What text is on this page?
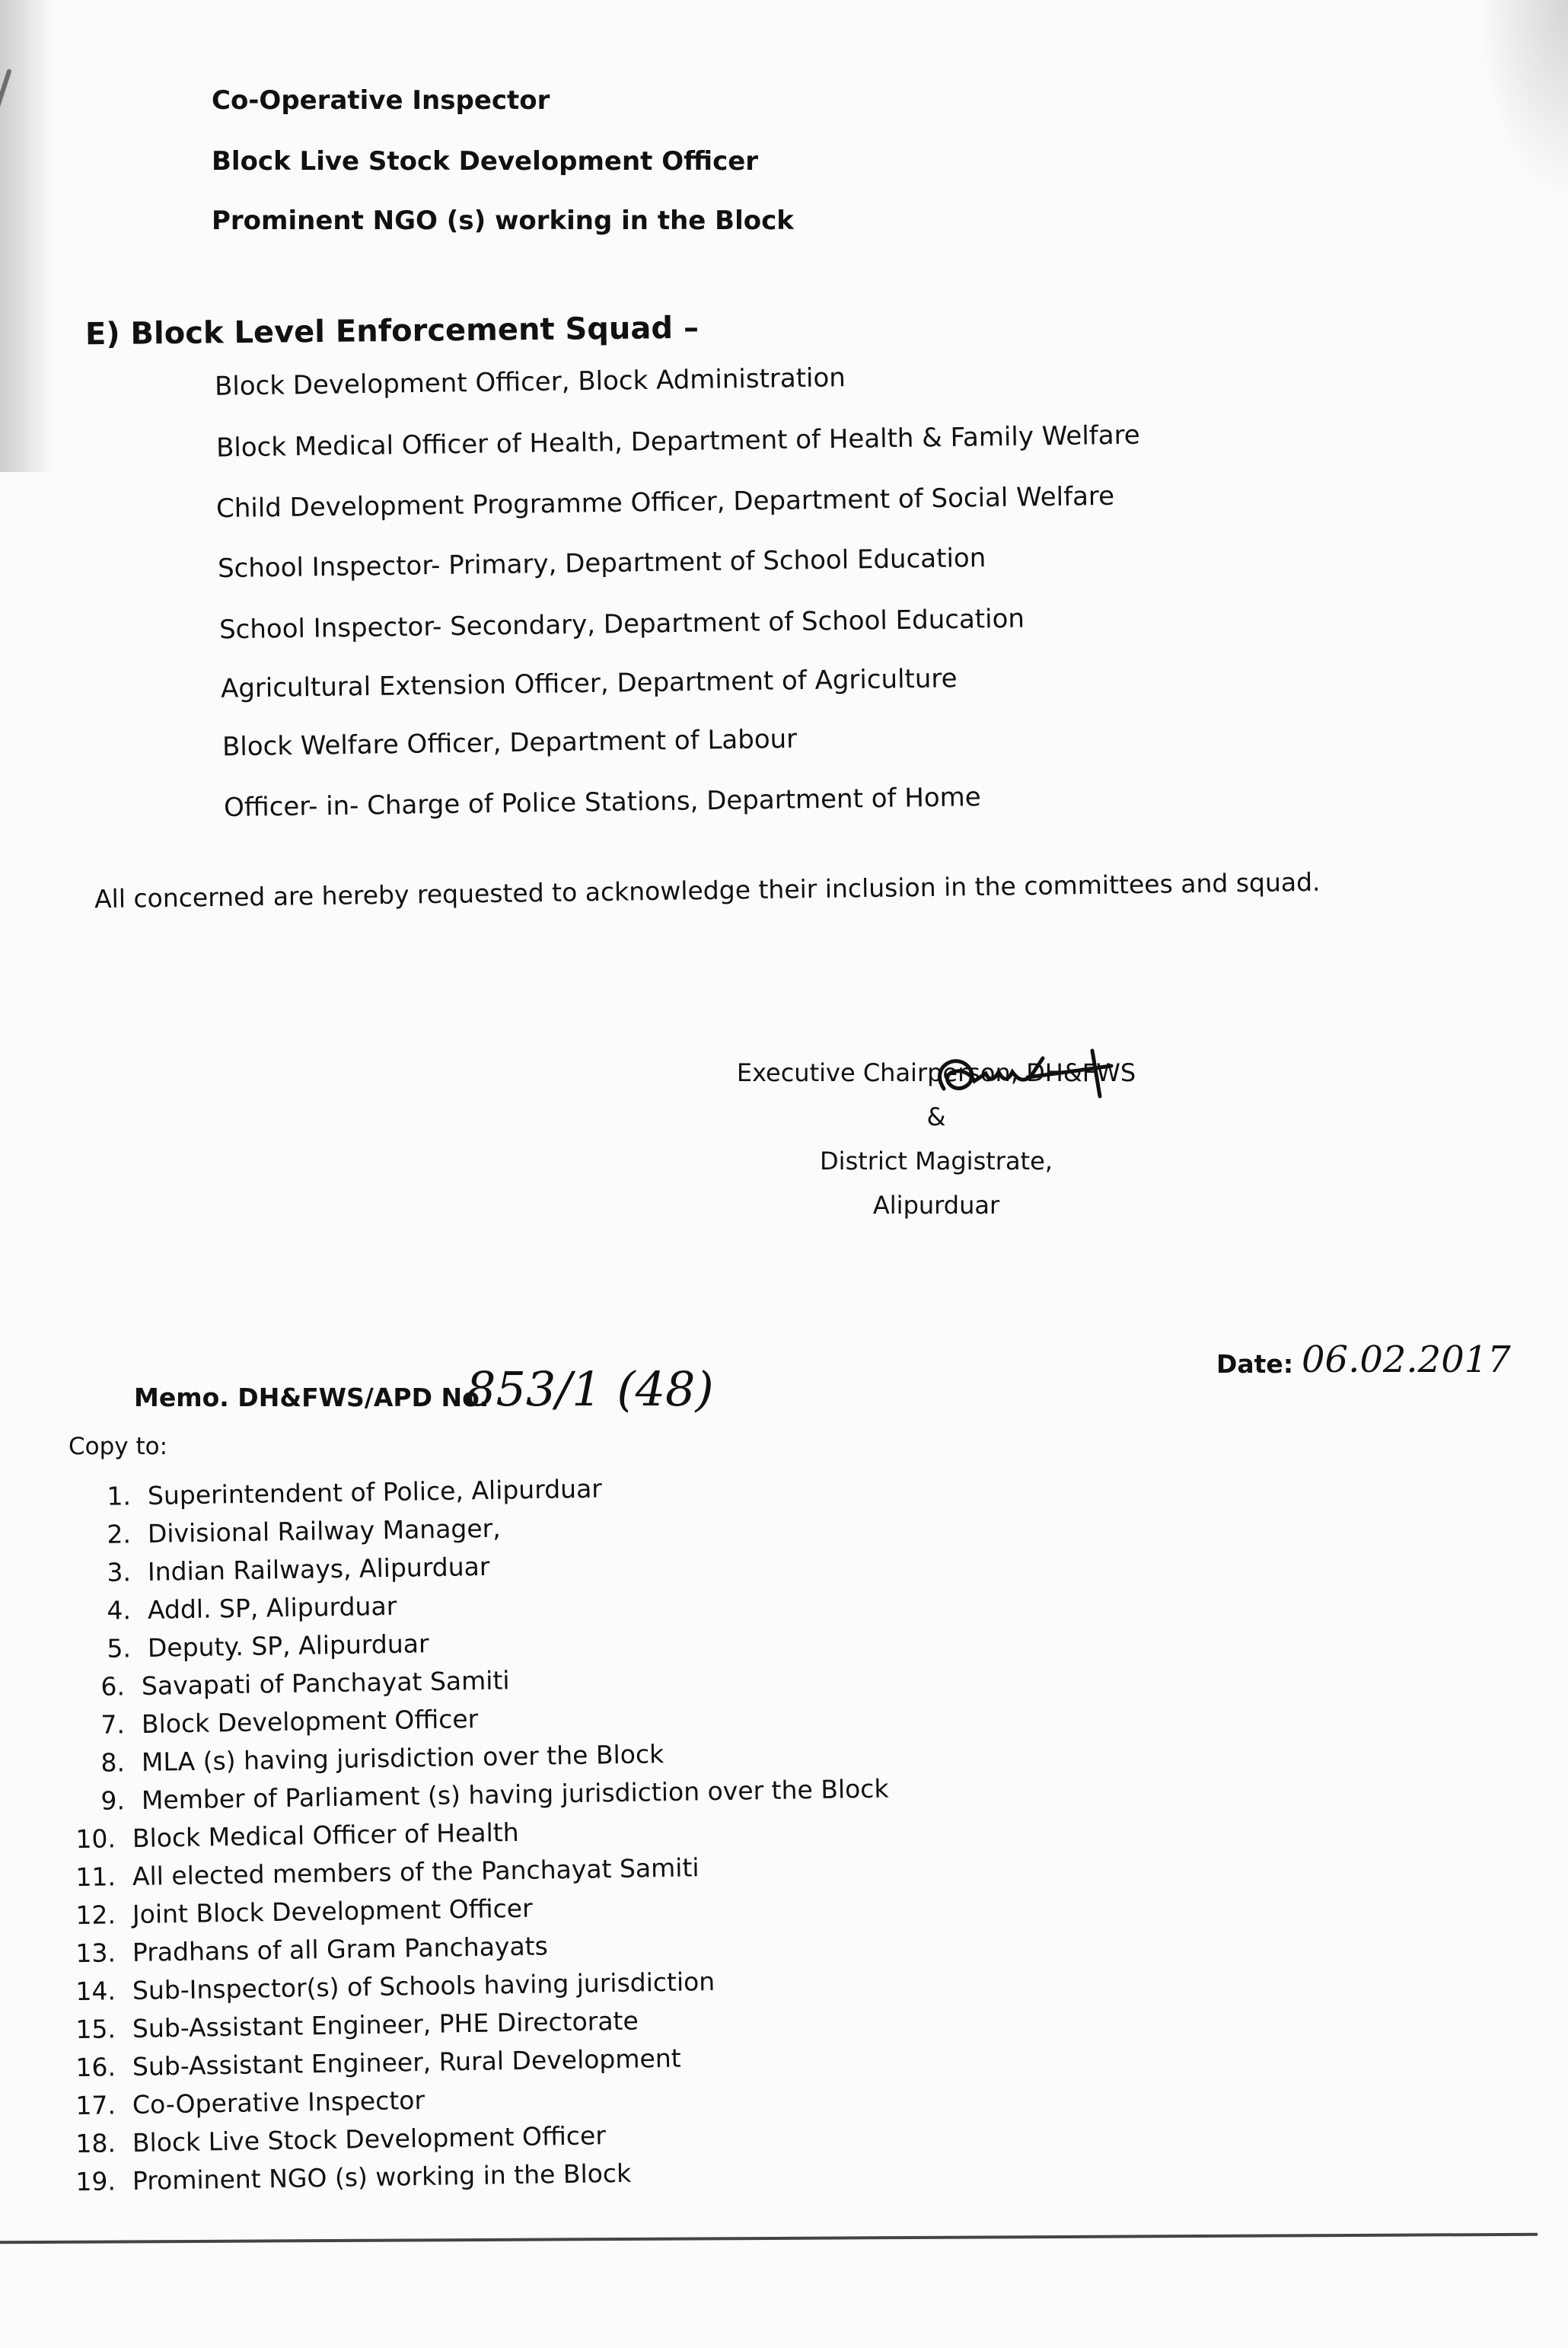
Co-Operative Inspector
Block Live Stock Development Officer
Prominent NGO (s) working in the Block
E) Block Level Enforcement Squad –
Block Development Officer, Block Administration
Block Medical Officer of Health, Department of Health & Family Welfare
Child Development Programme Officer, Department of Social Welfare
School Inspector- Primary, Department of School Education
School Inspector- Secondary, Department of School Education
Agricultural Extension Officer, Department of Agriculture
Block Welfare Officer, Department of Labour
Officer- in- Charge of Police Stations, Department of Home
All concerned are hereby requested to acknowledge their inclusion in the committees and squad.
Executive Chairperson, DH&FWS
&
District Magistrate,
Alipurduar
Memo. DH&FWS/APD No.
853/1 (48)	Date: 06.02.2017
Copy to:
1. Superintendent of Police, Alipurduar
2. Divisional Railway Manager,
3. Indian Railways, Alipurduar
4. Addl. SP, Alipurduar
5. Deputy. SP, Alipurduar
6. Savapati of Panchayat Samiti
7. Block Development Officer
8. MLA (s) having jurisdiction over the Block
9. Member of Parliament (s) having jurisdiction over the Block
10. Block Medical Officer of Health
11. All elected members of the Panchayat Samiti
12. Joint Block Development Officer
13. Pradhans of all Gram Panchayats
14. Sub-Inspector(s) of Schools having jurisdiction
15. Sub-Assistant Engineer, PHE Directorate
16. Sub-Assistant Engineer, Rural Development
17. Co-Operative Inspector
18. Block Live Stock Development Officer
19. Prominent NGO (s) working in the Block
